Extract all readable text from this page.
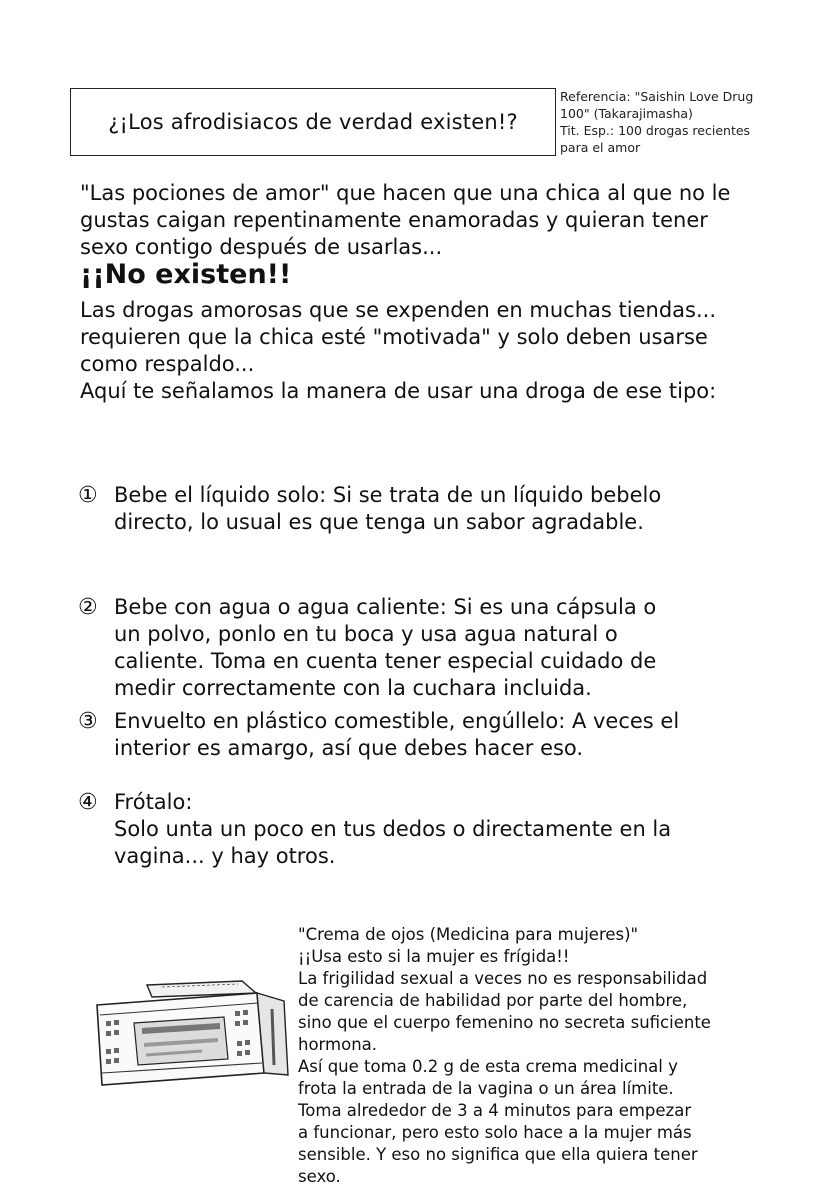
¿¡Los afrodisiacos de verdad existen!?
Referencia: "Saishin Love Drug
100" (Takarajimasha)
Tit. Esp.: 100 drogas recientes
para el amor
"Las pociones de amor" que hacen que una chica al que no le
gustas caigan repentinamente enamoradas y quieran tener
sexo contigo después de usarlas...
¡¡No existen!!
Las drogas amorosas que se expenden en muchas tiendas...
requieren que la chica esté "motivada" y solo deben usarse
como respaldo...
Aquí te señalamos la manera de usar una droga de ese tipo:
① Bebe el líquido solo: Si se trata de un líquido bebelo
directo, lo usual es que tenga un sabor agradable.
② Bebe con agua o agua caliente: Si es una cápsula o
un polvo, ponlo en tu boca y usa agua natural o
caliente. Toma en cuenta tener especial cuidado de
medir correctamente con la cuchara incluida.
③ Envuelto en plástico comestible, engúllelo: A veces el
interior es amargo, así que debes hacer eso.
④ Frótalo:
Solo unta un poco en tus dedos o directamente en la
vagina... y hay otros.
"Crema de ojos (Medicina para mujeres)"
¡¡Usa esto si la mujer es frígida!!
La frigilidad sexual a veces no es responsabilidad
de carencia de habilidad por parte del hombre,
sino que el cuerpo femenino no secreta suficiente
hormona.
Así que toma 0.2 g de esta crema medicinal y
frota la entrada de la vagina o un área límite.
Toma alrededor de 3 a 4 minutos para empezar
a funcionar, pero esto solo hace a la mujer más
sensible. Y eso no significa que ella quiera tener
sexo.
